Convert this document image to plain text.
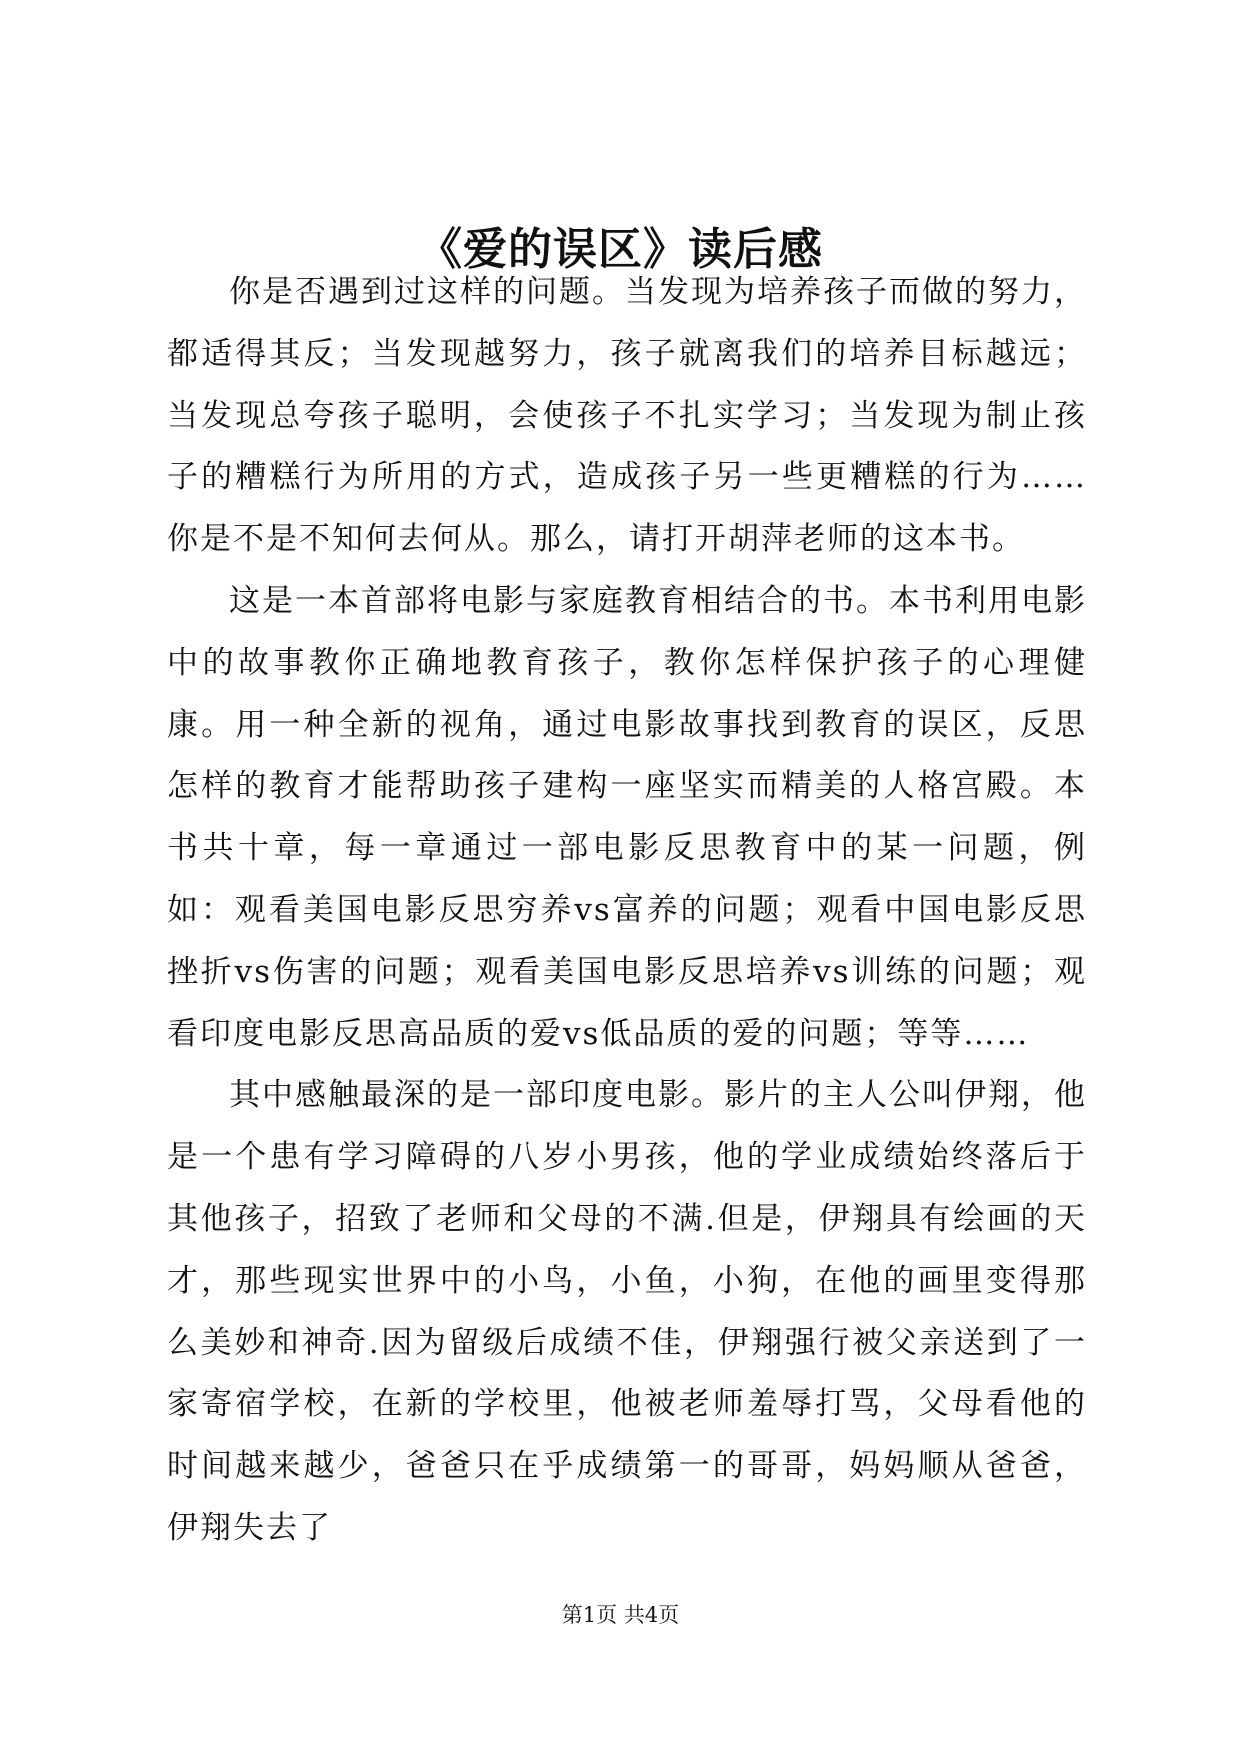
《爱的误区》读后感

你是否遇到过这样的问题。当发现为培养孩子而做的努力，都适得其反；当发现越努力，孩子就离我们的培养目标越远；当发现总夸孩子聪明，会使孩子不扎实学习；当发现为制止孩子的糟糕行为所用的方式，造成孩子另一些更糟糕的行为……你是不是不知何去何从。那么，请打开胡萍老师的这本书。

这是一本首部将电影与家庭教育相结合的书。本书利用电影中的故事教你正确地教育孩子，教你怎样保护孩子的心理健康。用一种全新的视角，通过电影故事找到教育的误区，反思怎样的教育才能帮助孩子建构一座坚实而精美的人格宫殿。本书共十章，每一章通过一部电影反思教育中的某一问题，例如：观看美国电影反思穷养vs富养的问题；观看中国电影反思挫折vs伤害的问题；观看美国电影反思培养vs训练的问题；观看印度电影反思高品质的爱vs低品质的爱的问题；等等……

其中感触最深的是一部印度电影。影片的主人公叫伊翔，他是一个患有学习障碍的八岁小男孩，他的学业成绩始终落后于其他孩子，招致了老师和父母的不满.但是，伊翔具有绘画的天才，那些现实世界中的小鸟，小鱼，小狗，在他的画里变得那么美妙和神奇.因为留级后成绩不佳，伊翔强行被父亲送到了一家寄宿学校，在新的学校里，他被老师羞辱打骂，父母看他的时间越来越少，爸爸只在乎成绩第一的哥哥，妈妈顺从爸爸，伊翔失去了

第1页 共4页
